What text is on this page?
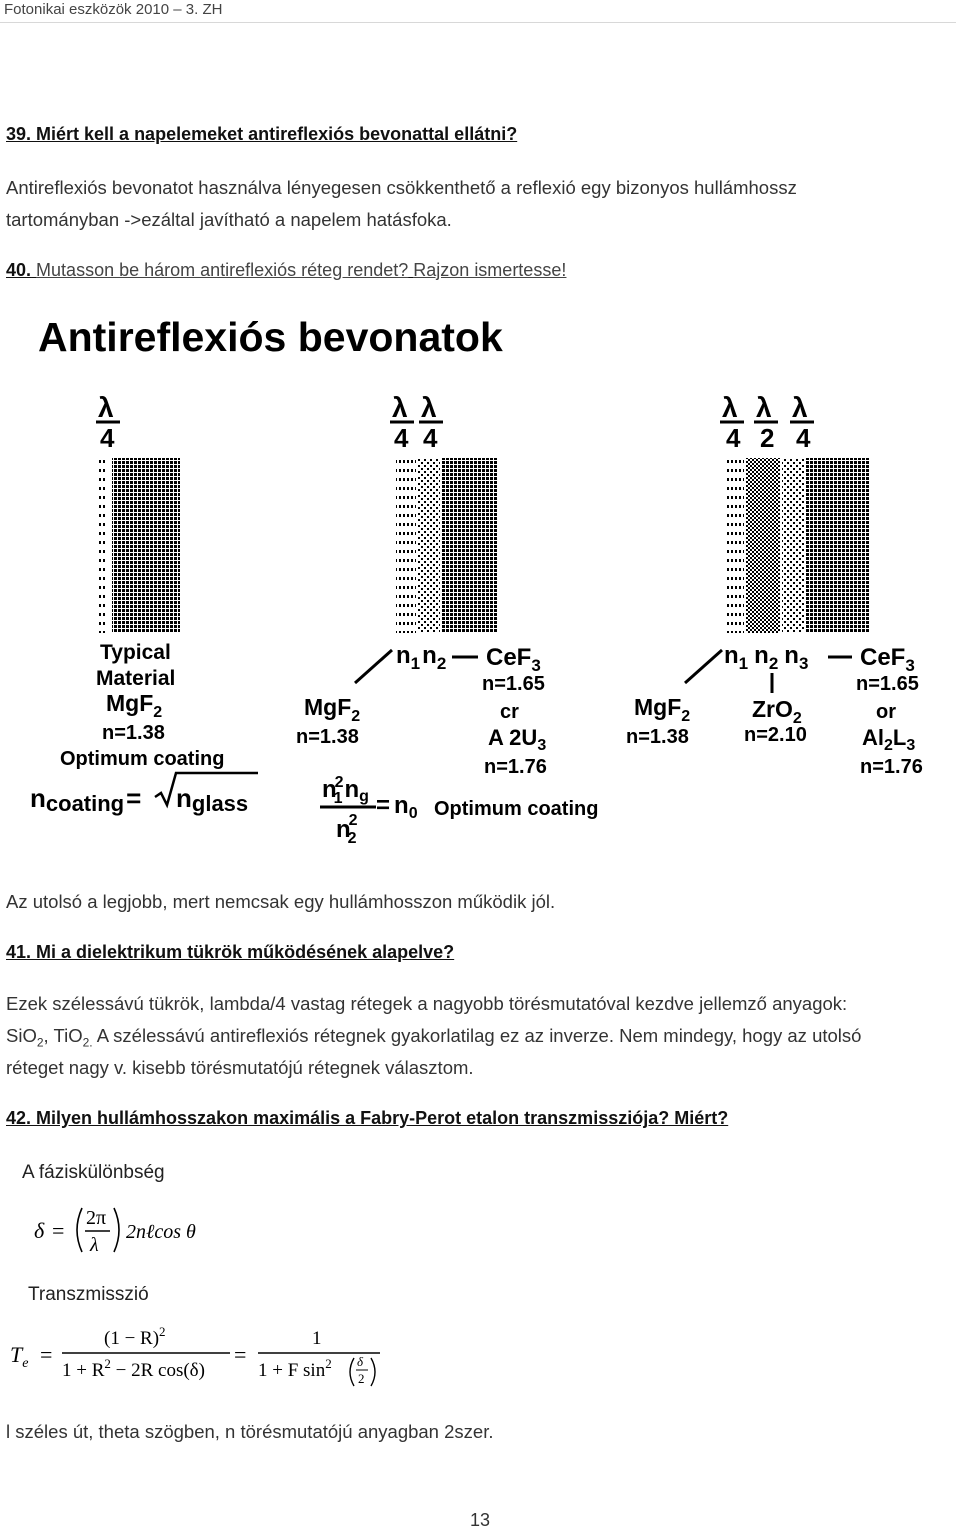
Fotonikai eszközök 2010 – 3. ZH
39. Miért kell a napelemeket antireflexiós bevonattal ellátni?
Antireflexiós bevonatot használva lényegesen csökkenthető a reflexió egy bizonyos hullámhossz
tartományban ->ezáltal javítható a napelem hatásfoka.
40. Mutasson be három antireflexiós réteg rendet? Rajzon ismertesse!
Antireflexiós bevonatok
λ
4
Typical
Material
MgF$_2$
n=1.38
Optimum coating
ncoating= nglass
λ
4
λ
4
$n_1n_2$ CeF$_3$
n=1.65
cr
A $2U_3$
n=1.76
MgF$_2$
n=1.38
n2 1ng
n2 2
= $n_0$ Optimum coating
λ
4
λ
2
λ
4
$n_1$ $n_2$ $n_3$ CeF$_3$
n=1.65
or
$Al_2L_3$
n=1.76
ZrO$_2$
n=2.10
MgF$_2$
n=1.38
Az utolsó a legjobb, mert nemcsak egy hullámhosszon működik jól.
41. Mi a dielektrikum tükrök működésének alapelve?
Ezek szélessávú tükrök, lambda/4 vastag rétegek a nagyobb törésmutatóval kezdve jellemző anyagok:
SiO$_2$, TiO$_{2.}$ A szélessávú antireflexiós rétegnek gyakorlatilag ez az inverze. Nem mindegy, hogy az utolsó
réteget nagy v. kisebb törésmutatójú rétegnek választom.
42. Milyen hullámhosszakon maximális a Fabry-Perot etalon transzmissziója? Miért?
A fáziskülönbség
δ = 2π
λ
2nℓcos θ
Transzmisszió
$T_e$ =
$(1 - R)^2$
$1 + R^2 - 2R$ cos(δ)
=
1
1 + F $\sin^2 \delta$
2
l széles út, theta szögben, n törésmutatójú anyagban 2szer.
13
